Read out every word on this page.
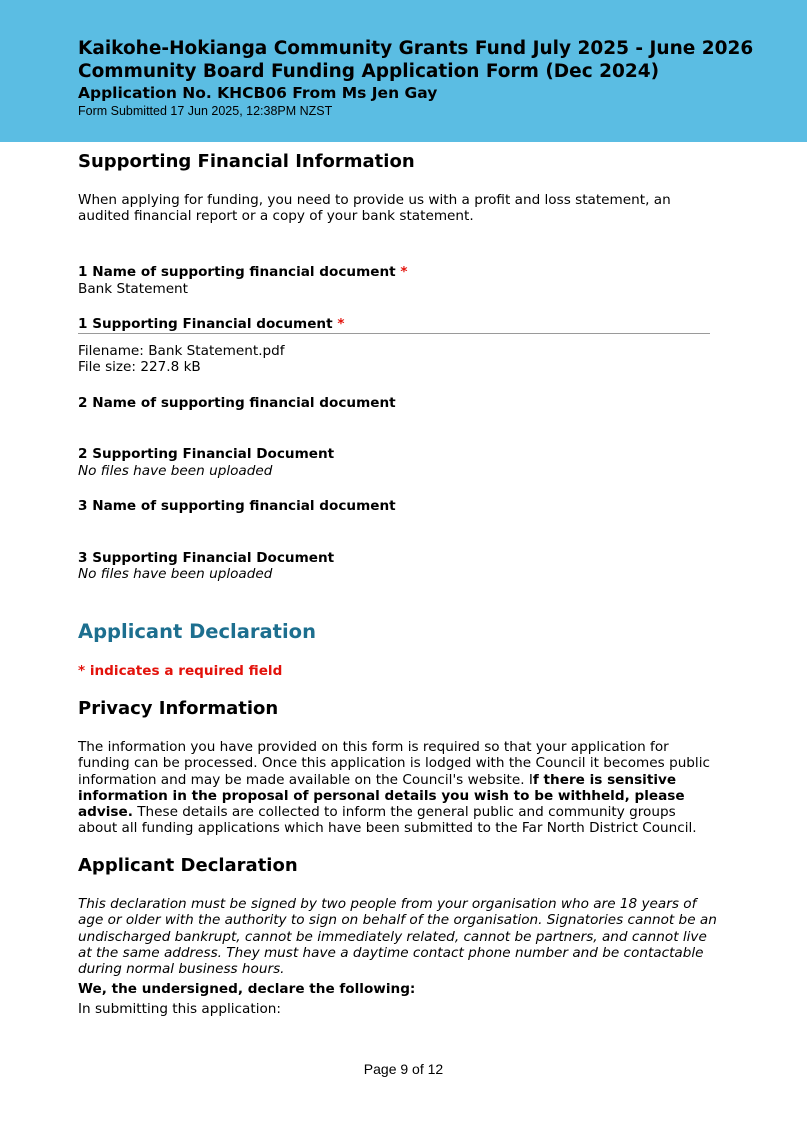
Kaikohe-Hokianga Community Grants Fund July 2025 - June 2026
Community Board Funding Application Form (Dec 2024)
Application No. KHCB06 From Ms Jen Gay
Form Submitted 17 Jun 2025, 12:38PM NZST
Supporting Financial Information
When applying for funding, you need to provide us with a profit and loss statement, an audited financial report or a copy of your bank statement.
1 Name of supporting financial document *
Bank Statement
1 Supporting Financial document *
Filename: Bank Statement.pdf
File size: 227.8 kB
2 Name of supporting financial document
2 Supporting Financial Document
No files have been uploaded
3 Name of supporting financial document
3 Supporting Financial Document
No files have been uploaded
Applicant Declaration
* indicates a required field
Privacy Information
The information you have provided on this form is required so that your application for funding can be processed. Once this application is lodged with the Council it becomes public information and may be made available on the Council's website. If there is sensitive information in the proposal of personal details you wish to be withheld, please advise. These details are collected to inform the general public and community groups about all funding applications which have been submitted to the Far North District Council.
Applicant Declaration
This declaration must be signed by two people from your organisation who are 18 years of age or older with the authority to sign on behalf of the organisation. Signatories cannot be an undischarged bankrupt, cannot be immediately related, cannot be partners, and cannot live at the same address. They must have a daytime contact phone number and be contactable during normal business hours.
We, the undersigned, declare the following:
In submitting this application:
Page 9 of 12
